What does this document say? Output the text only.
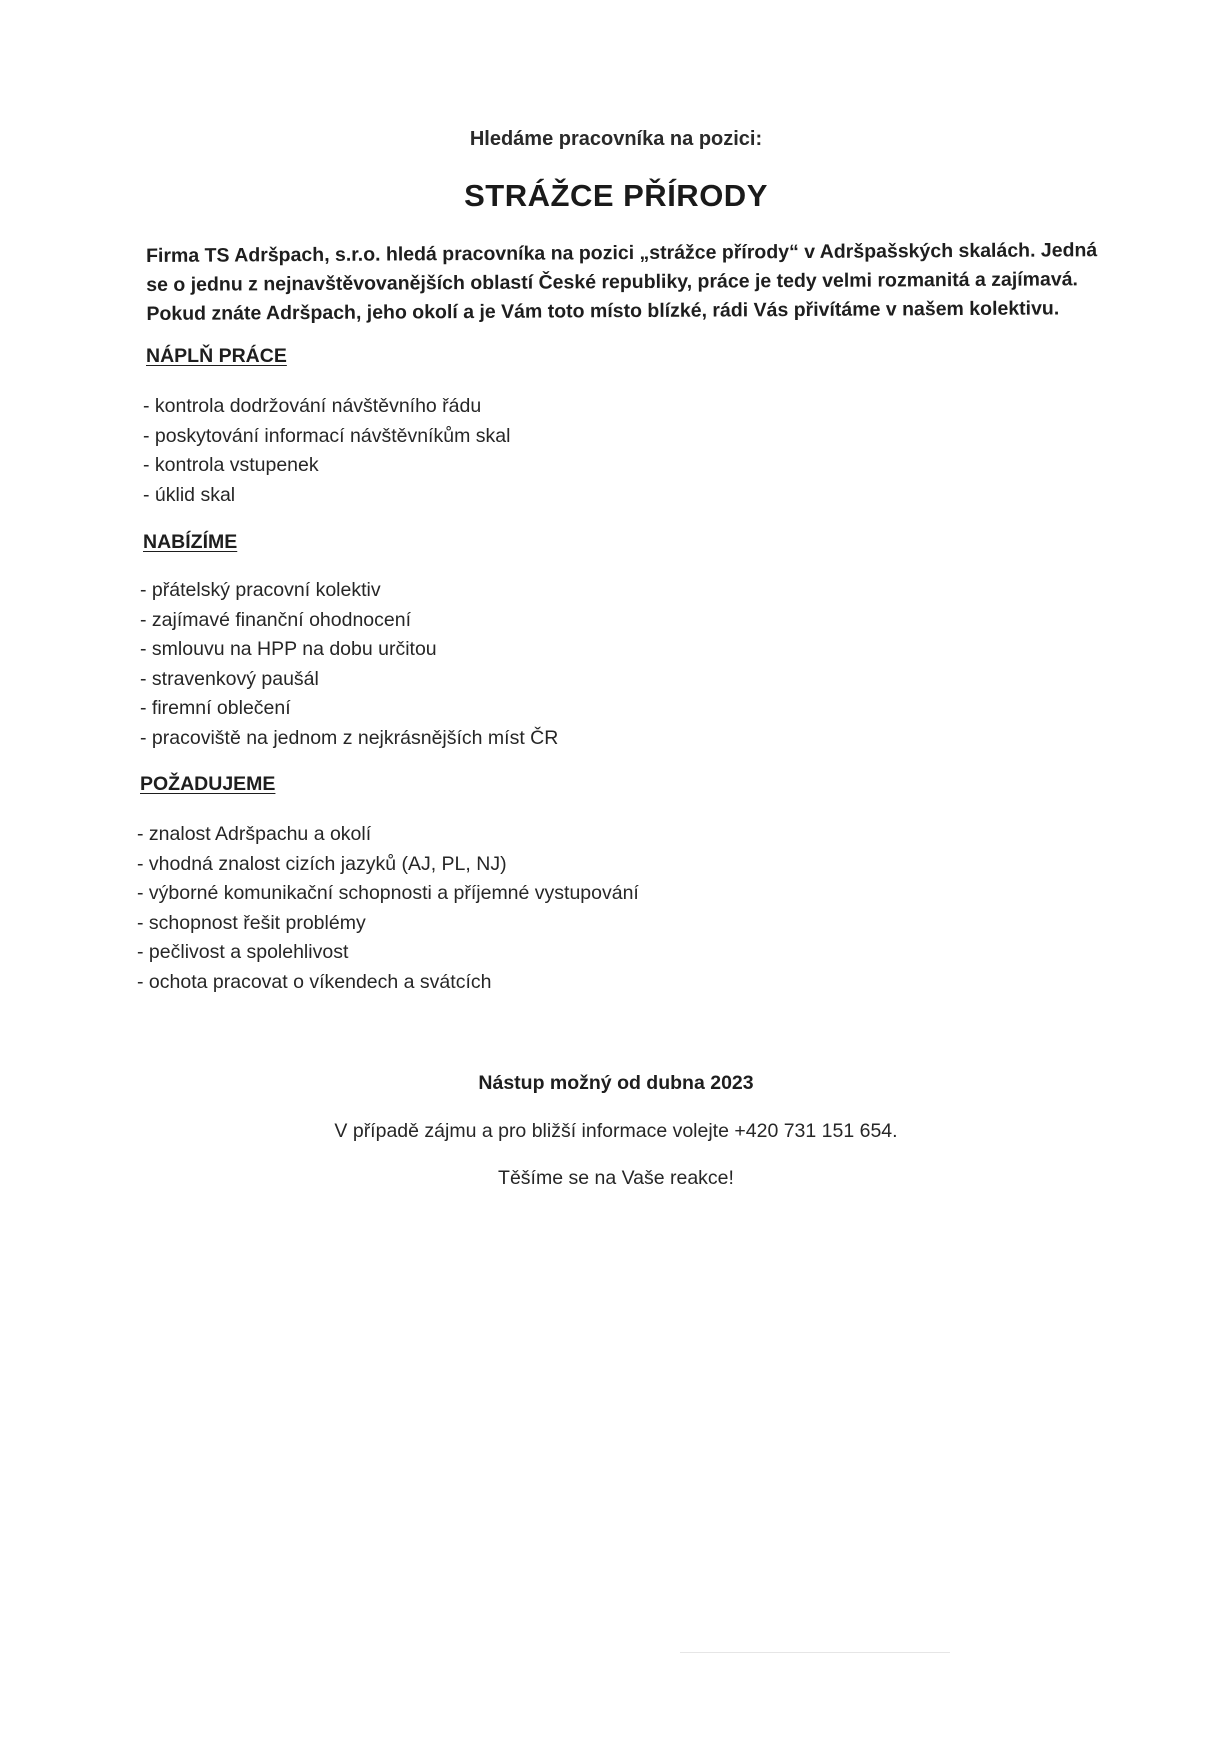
Hledáme pracovníka na pozici:
STRÁŽCE PŘÍRODY

Firma TS Adršpach, s.r.o. hledá pracovníka na pozici „strážce přírody“ v Adršpašských skalách. Jedná

se o jednu z nejnavštěvovanějších oblastí České republiky, práce je tedy velmi rozmanitá a zajímavá.

Pokud znáte Adršpach, jeho okolí a je Vám toto místo blízké, rádi Vás přivítáme v našem kolektivu.

NÁPLŇ PRÁCE
- kontrola dodržování návštěvního řádu
- poskytování informací návštěvníkům skal
- kontrola vstupenek
- úklid skal
NABÍZÍME
- přátelský pracovní kolektiv
- zajímavé finanční ohodnocení
- smlouvu na HPP na dobu určitou
- stravenkový paušál
- firemní oblečení
- pracoviště na jednom z nejkrásnějších míst ČR
POŽADUJEME
- znalost Adršpachu a okolí
- vhodná znalost cizích jazyků (AJ, PL, NJ)
- výborné komunikační schopnosti a příjemné vystupování
- schopnost řešit problémy
- pečlivost a spolehlivost
- ochota pracovat o víkendech a svátcích
Nástup možný od dubna 2023
V případě zájmu a pro bližší informace volejte +420 731 151 654.
Těšíme se na Vaše reakce!
